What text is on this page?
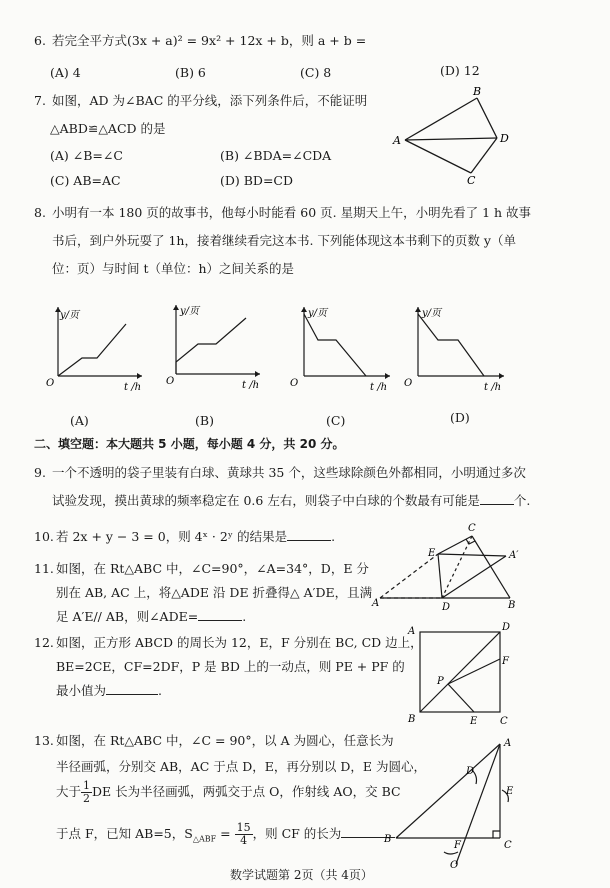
6. 若完全平方式(3x + a)² = 9x² + 12x + b，则 a + b =
(A) 4	(B) 6	(C) 8	(D) 12
7. 如图，AD 为∠BAC 的平分线，添下列条件后，不能证明
△ABD≌△ACD 的是
(A) ∠B=∠C	(B) ∠BDA=∠CDA
(C) AB=AC	(D) BD=CD
A
B
D
C
8. 小明有一本 180 页的故事书，他每小时能看 60 页. 星期天上午，小明先看了 1 h 故事
书后，到户外玩耍了 1h，接着继续看完这本书. 下列能体现这本书剩下的页数 y（单
位：页）与时间 t（单位：h）之间关系的是
y/页
O	t /h
(A)
y/页
O	t /h
(B)
y/页
O	t /h
(C)
y/页
O	t /h
(D)
二、填空题：本大题共 5 小题，每小题 4 分，共 20 分。
9. 一个不透明的袋子里装有白球、黄球共 35 个，这些球除颜色外都相同，小明通过多次
试验发现，摸出黄球的频率稳定在 0.6 左右，则袋子中白球的个数最有可能是	个.
10. 若 2x + y − 3 = 0，则 4ˣ · 2ʸ 的结果是	.
11. 如图，在 Rt△ABC 中，∠C=90°，∠A=34°，D，E 分
别在 AB, AC 上，将△ADE 沿 DE 折叠得△ A′DE，且满
足 A′E// AB，则∠ADE=	.
A	B
C
D
E	A′
12. 如图，正方形 ABCD 的周长为 12，E，F 分别在 BC, CD 边上，
BE=2CE，CF=2DF，P 是 BD 上的一动点，则 PE + PF 的
最小值为	.
A	D
B	C
E
F
P
13. 如图，在 Rt△ABC 中，∠C = 90°，以 A 为圆心，任意长为
半径画弧，分别交 AB，AC 于点 D，E，再分别以 D，E 为圆心，
大于 $\frac{1}{2}$ DE 长为半径画弧，两弧交于点 O，作射线 AO，交 BC
于点 F，已知 AB=5，$S_{\triangle ABF} = \frac{15}{4}$ ，则 CF 的长为	.
A
B
C
D
E
F
O
数学试题第 2页（共 4页）
